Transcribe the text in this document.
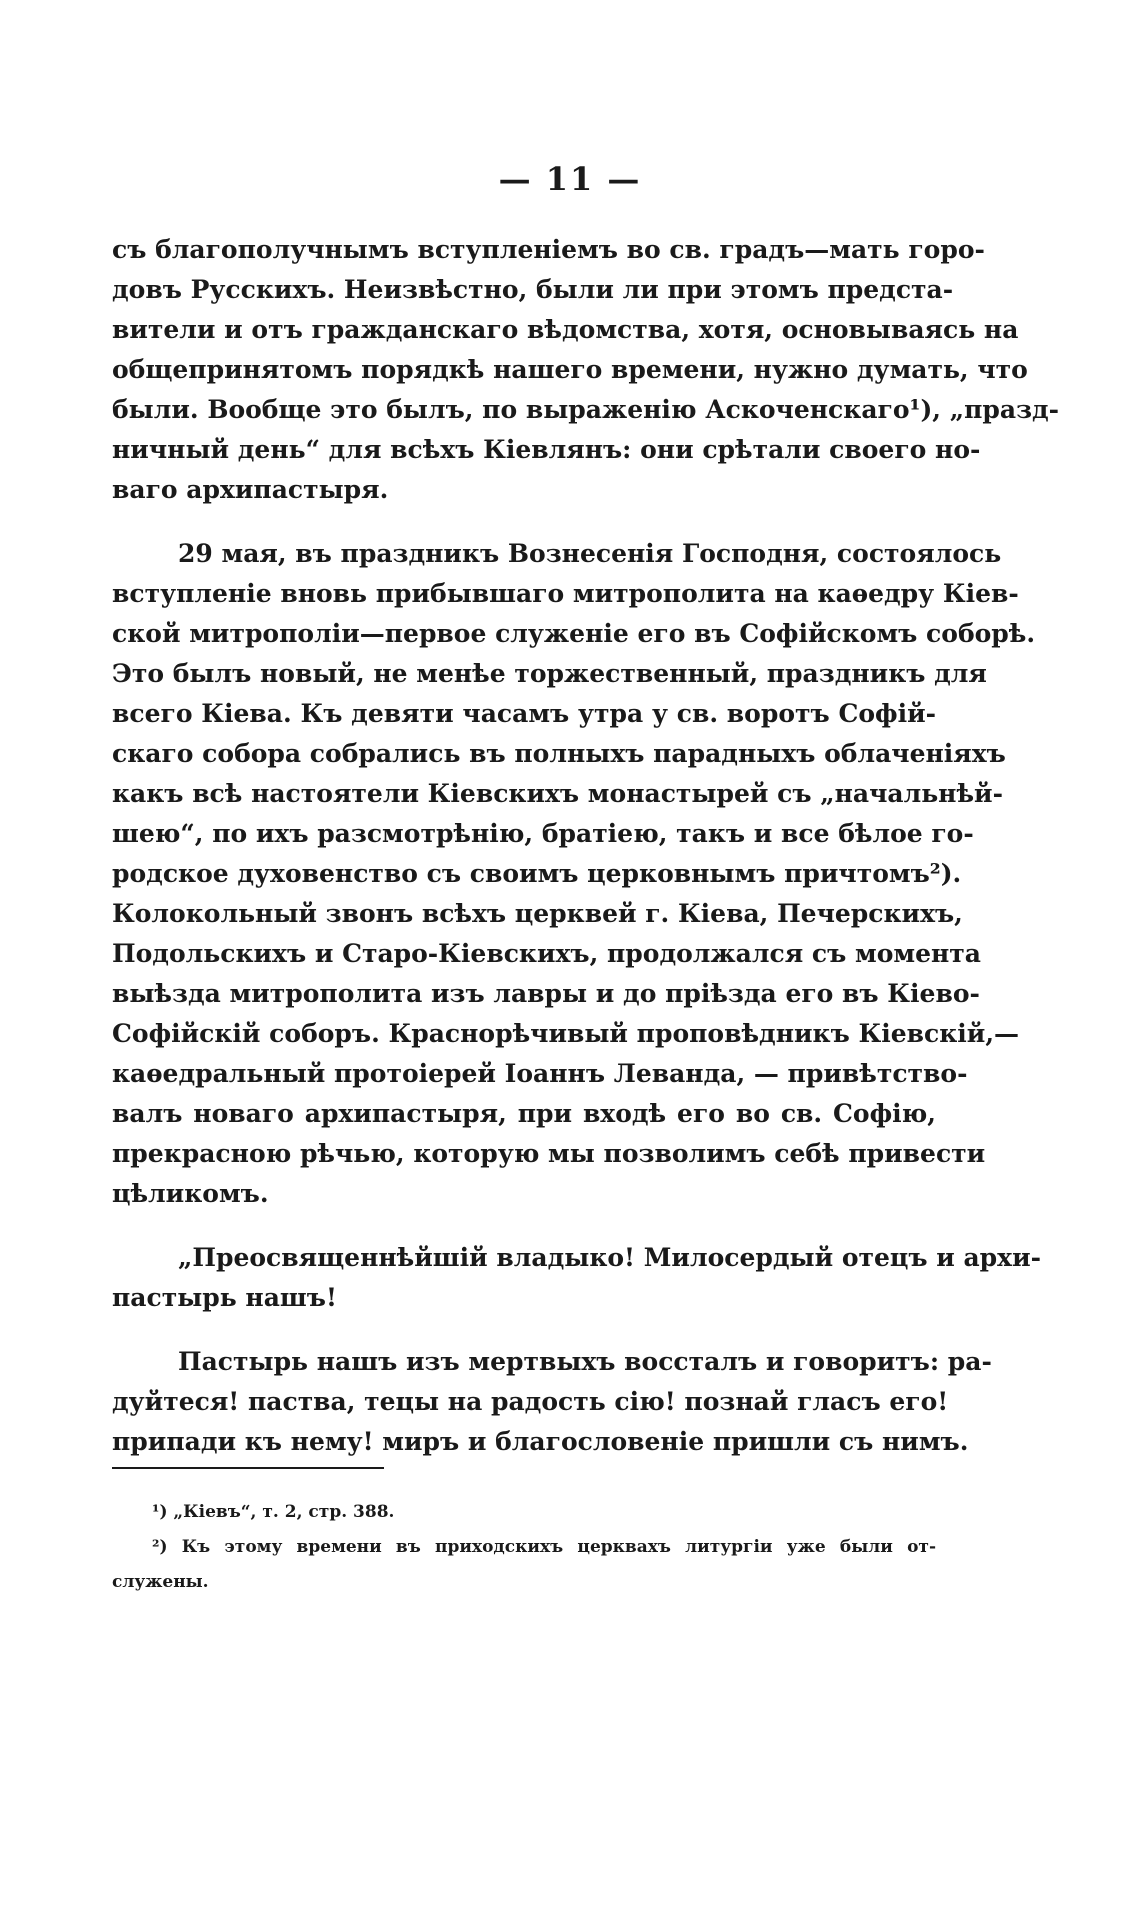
— 11 —
съ благополучнымъ вступленіемъ во св. градъ—мать горо-
довъ Русскихъ. Неизвѣстно, были ли при этомъ предста-
вители и отъ гражданскаго вѣдомства, хотя, основываясь на
общепринятомъ порядкѣ нашего времени, нужно думать, что
были. Вообще это былъ, по выраженію Аскоченскаго¹), „празд-
ничный день“ для всѣхъ Кіевлянъ: они срѣтали своего но-
ваго архипастыря.
29 мая, въ праздникъ Вознесенія Господня, состоялось
вступленіе вновь прибывшаго митрополита на каѳедру Кіев-
ской митрополіи—первое служеніе его въ Софійскомъ соборѣ.
Это былъ новый, не менѣе торжественный, праздникъ для
всего Кіева. Къ девяти часамъ утра у св. воротъ Софій-
скаго собора собрались въ полныхъ парадныхъ облаченіяхъ
какъ всѣ настоятели Кіевскихъ монастырей съ „начальнѣй-
шею“, по ихъ разсмотрѣнію, братіею, такъ и все бѣлое го-
родское духовенство съ своимъ церковнымъ причтомъ²).
Колокольный звонъ всѣхъ церквей г. Кіева, Печерскихъ,
Подольскихъ и Старо-Кіевскихъ, продолжался съ момента
выѣзда митрополита изъ лавры и до пріѣзда его въ Кіево-
Софійскій соборъ. Краснорѣчивый проповѣдникъ Кіевскій,—
каѳедральный протоіерей Іоаннъ Леванда, — привѣтство-
валъ новаго архипастыря, при входѣ его во св. Софію,
прекрасною рѣчью, которую мы позволимъ себѣ привести
цѣликомъ.
„Преосвященнѣйшій владыко! Милосердый отецъ и архи-
пастырь нашъ!
Пастырь нашъ изъ мертвыхъ воссталъ и говоритъ: ра-
дуйтеся! паства, тецы на радость сію! познай гласъ его!
припади къ нему! миръ и благословеніе пришли съ нимъ.
¹) „Кіевъ“, т. 2, стр. 388.
²) Къ этому времени въ приходскихъ церквахъ литургіи уже были от-
служены.
